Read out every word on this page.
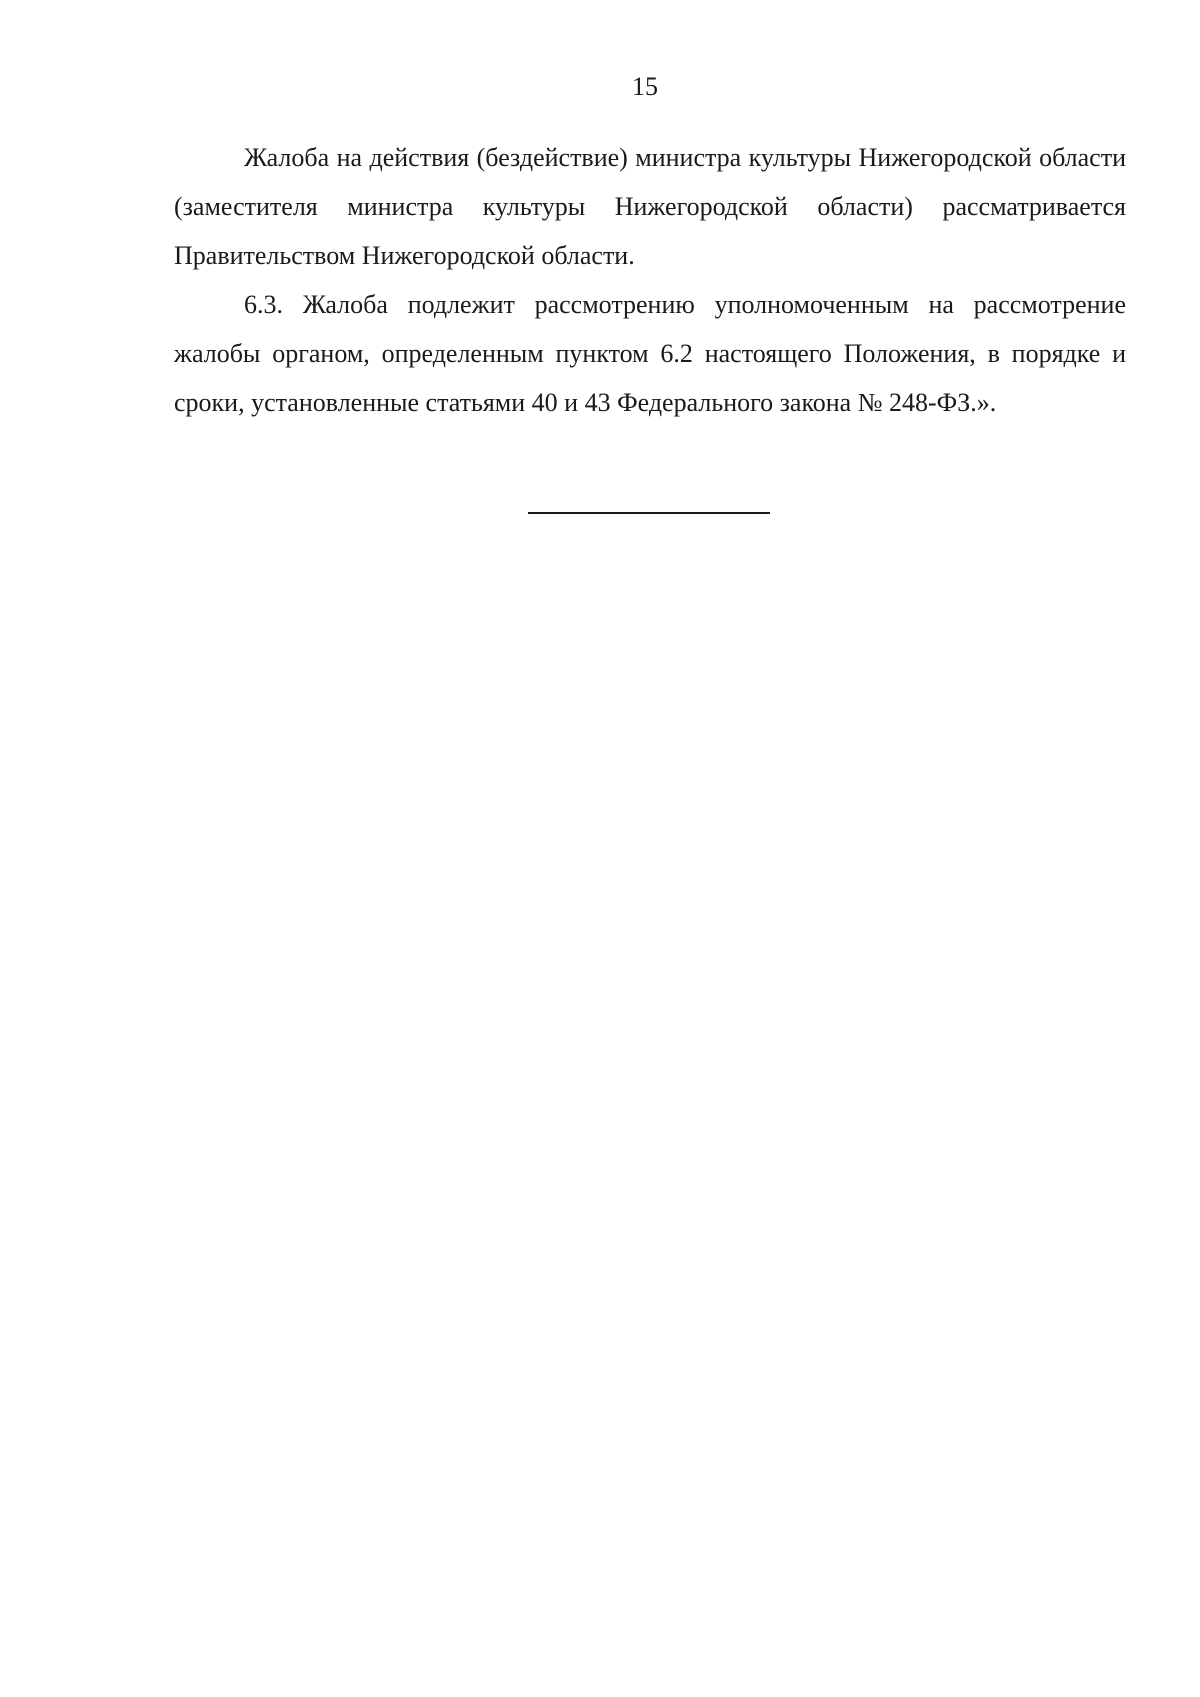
15

Жалоба на действия (бездействие) министра культуры Нижегородской области (заместителя министра культуры Нижегородской области) рассматривается Правительством Нижегородской области.

6.3. Жалоба подлежит рассмотрению уполномоченным на рассмотрение жалобы органом, определенным пунктом 6.2 настоящего Положения, в порядке и сроки, установленные статьями 40 и 43 Федерального закона № 248-ФЗ.».
